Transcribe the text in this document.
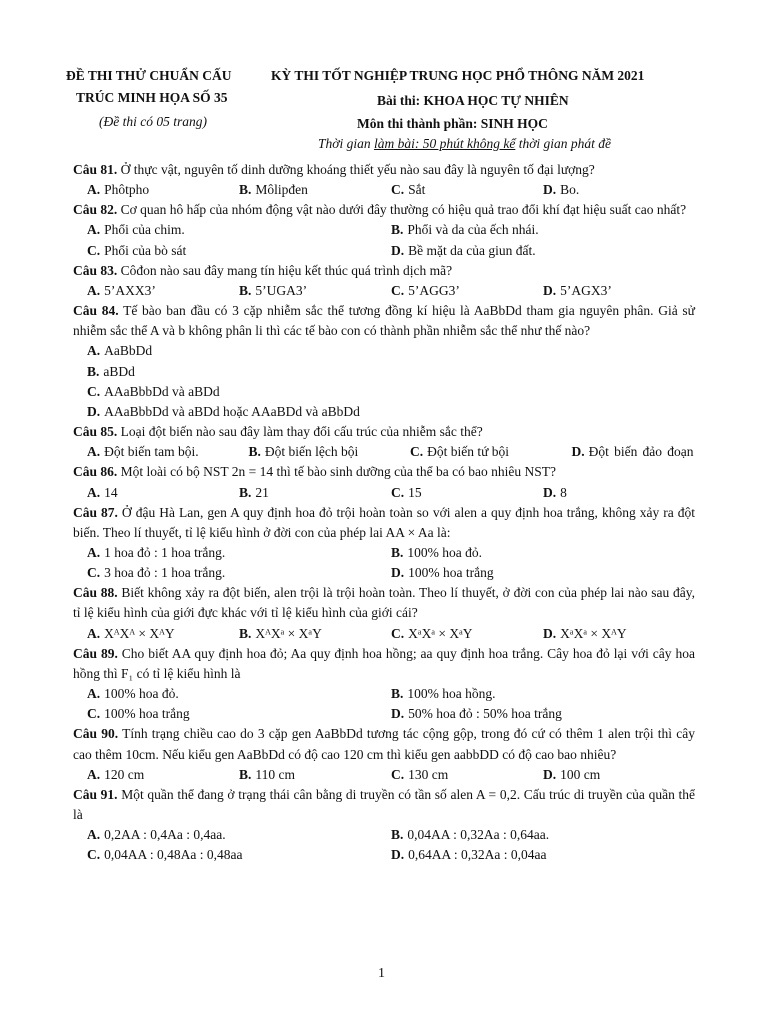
ĐỀ THI THỬ CHUẨN CẤU
TRÚC MINH HỌA SỐ 35
(Đề thi có 05 trang)
KỲ THI TỐT NGHIỆP TRUNG HỌC PHỔ THÔNG NĂM 2021
Bài thi: KHOA HỌC TỰ NHIÊN
Môn thi thành phần: SINH HỌC
Thời gian làm bài: 50 phút không kể thời gian phát đề
Câu 81. Ở thực vật, nguyên tố dinh dưỡng khoáng thiết yếu nào sau đây là nguyên tố đại lượng?
A. Phôtpho	B. Môlipđen	C. Sắt	D. Bo.
Câu 82. Cơ quan hô hấp của nhóm động vật nào dưới đây thường có hiệu quả trao đổi khí đạt hiệu suất cao nhất?
A. Phổi của chim.	B. Phổi và da của ếch nhái.
C. Phổi của bò sát	D. Bề mặt da của giun đất.
Câu 83. Côđon nào sau đây mang tín hiệu kết thúc quá trình dịch mã?
A. 5’AXX3’	B. 5’UGA3’	C. 5’AGG3’	D. 5’AGX3’
Câu 84. Tế bào ban đầu có 3 cặp nhiễm sắc thể tương đồng kí hiệu là AaBbDd tham gia nguyên phân. Giả sử nhiễm sắc thể A và b không phân li thì các tế bào con có thành phần nhiễm sắc thể như thế nào?
A. AaBbDd
B. aBDd
C. AAaBbbDd và aBDd
D. AAaBbbDd và aBDd hoặc AAaBDd và aBbDd
Câu 85. Loại đột biến nào sau đây làm thay đổi cấu trúc của nhiễm sắc thể?
A. Đột biến tam bội.	B. Đột biến lệch bội	C. Đột biến tứ bội	D. Đột biến đảo đoạn
Câu 86. Một loài có bộ NST 2n = 14 thì tế bào sinh dưỡng của thể ba có bao nhiêu NST?
A. 14	B. 21	C. 15	D. 8
Câu 87. Ở đậu Hà Lan, gen A quy định hoa đỏ trội hoàn toàn so với alen a quy định hoa trắng, không xảy ra đột biến. Theo lí thuyết, tỉ lệ kiểu hình ở đời con của phép lai AA × Aa là:
A. 1 hoa đỏ : 1 hoa trắng.	B. 100% hoa đỏ.
C. 3 hoa đỏ : 1 hoa trắng.	D. 100% hoa trắng
Câu 88. Biết không xảy ra đột biến, alen trội là trội hoàn toàn. Theo lí thuyết, ở đời con của phép lai nào sau đây, tỉ lệ kiểu hình của giới đực khác với tỉ lệ kiểu hình của giới cái?
A. XᴬXᴬ × XᴬY	B. XᴬXᵃ × XᵃY	C. XᵃXᵃ × XᵃY	D. XᵃXᵃ × XᴬY
Câu 89. Cho biết AA quy định hoa đỏ; Aa quy định hoa hồng; aa quy định hoa trắng. Cây hoa đỏ lại với cây hoa hồng thì F₁ có tỉ lệ kiểu hình là
A. 100% hoa đỏ.	B. 100% hoa hồng.
C. 100% hoa trắng	D. 50% hoa đỏ : 50% hoa trắng
Câu 90. Tính trạng chiều cao do 3 cặp gen AaBbDd tương tác cộng gộp, trong đó cứ có thêm 1 alen trội thì cây cao thêm 10cm. Nếu kiểu gen AaBbDd có độ cao 120 cm thì kiểu gen aabbDD có độ cao bao nhiêu?
A. 120 cm	B. 110 cm	C. 130 cm	D. 100 cm
Câu 91. Một quần thể đang ở trạng thái cân bằng di truyền có tần số alen A = 0,2. Cấu trúc di truyền của quần thể là
A. 0,2AA : 0,4Aa : 0,4aa.	B. 0,04AA : 0,32Aa : 0,64aa.
C. 0,04AA : 0,48Aa : 0,48aa	D. 0,64AA : 0,32Aa : 0,04aa
1
